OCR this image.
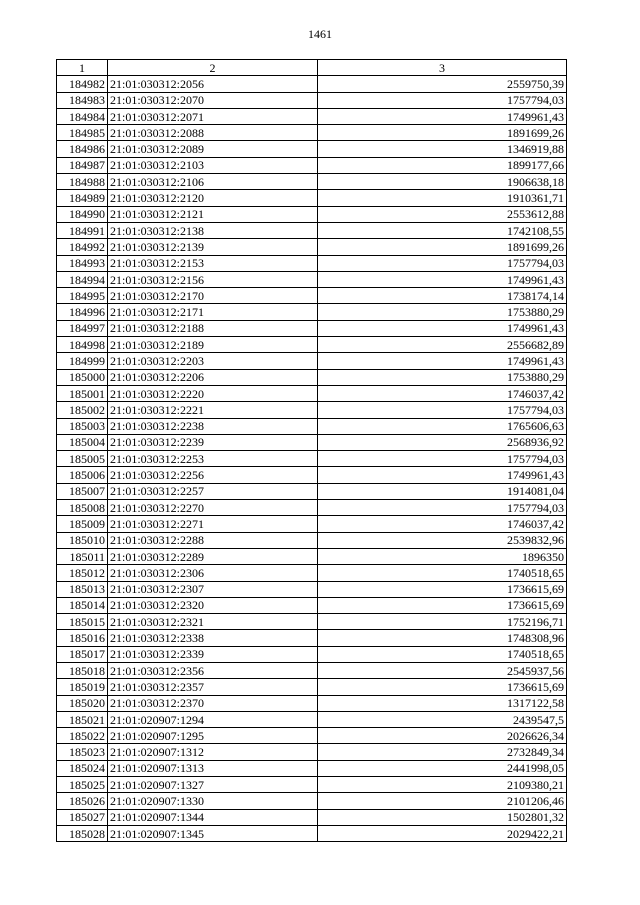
1461
1	2	3
184982	21:01:030312:2056	2559750,39
184983	21:01:030312:2070	1757794,03
184984	21:01:030312:2071	1749961,43
184985	21:01:030312:2088	1891699,26
184986	21:01:030312:2089	1346919,88
184987	21:01:030312:2103	1899177,66
184988	21:01:030312:2106	1906638,18
184989	21:01:030312:2120	1910361,71
184990	21:01:030312:2121	2553612,88
184991	21:01:030312:2138	1742108,55
184992	21:01:030312:2139	1891699,26
184993	21:01:030312:2153	1757794,03
184994	21:01:030312:2156	1749961,43
184995	21:01:030312:2170	1738174,14
184996	21:01:030312:2171	1753880,29
184997	21:01:030312:2188	1749961,43
184998	21:01:030312:2189	2556682,89
184999	21:01:030312:2203	1749961,43
185000	21:01:030312:2206	1753880,29
185001	21:01:030312:2220	1746037,42
185002	21:01:030312:2221	1757794,03
185003	21:01:030312:2238	1765606,63
185004	21:01:030312:2239	2568936,92
185005	21:01:030312:2253	1757794,03
185006	21:01:030312:2256	1749961,43
185007	21:01:030312:2257	1914081,04
185008	21:01:030312:2270	1757794,03
185009	21:01:030312:2271	1746037,42
185010	21:01:030312:2288	2539832,96
185011	21:01:030312:2289	1896350
185012	21:01:030312:2306	1740518,65
185013	21:01:030312:2307	1736615,69
185014	21:01:030312:2320	1736615,69
185015	21:01:030312:2321	1752196,71
185016	21:01:030312:2338	1748308,96
185017	21:01:030312:2339	1740518,65
185018	21:01:030312:2356	2545937,56
185019	21:01:030312:2357	1736615,69
185020	21:01:030312:2370	1317122,58
185021	21:01:020907:1294	2439547,5
185022	21:01:020907:1295	2026626,34
185023	21:01:020907:1312	2732849,34
185024	21:01:020907:1313	2441998,05
185025	21:01:020907:1327	2109380,21
185026	21:01:020907:1330	2101206,46
185027	21:01:020907:1344	1502801,32
185028	21:01:020907:1345	2029422,21
